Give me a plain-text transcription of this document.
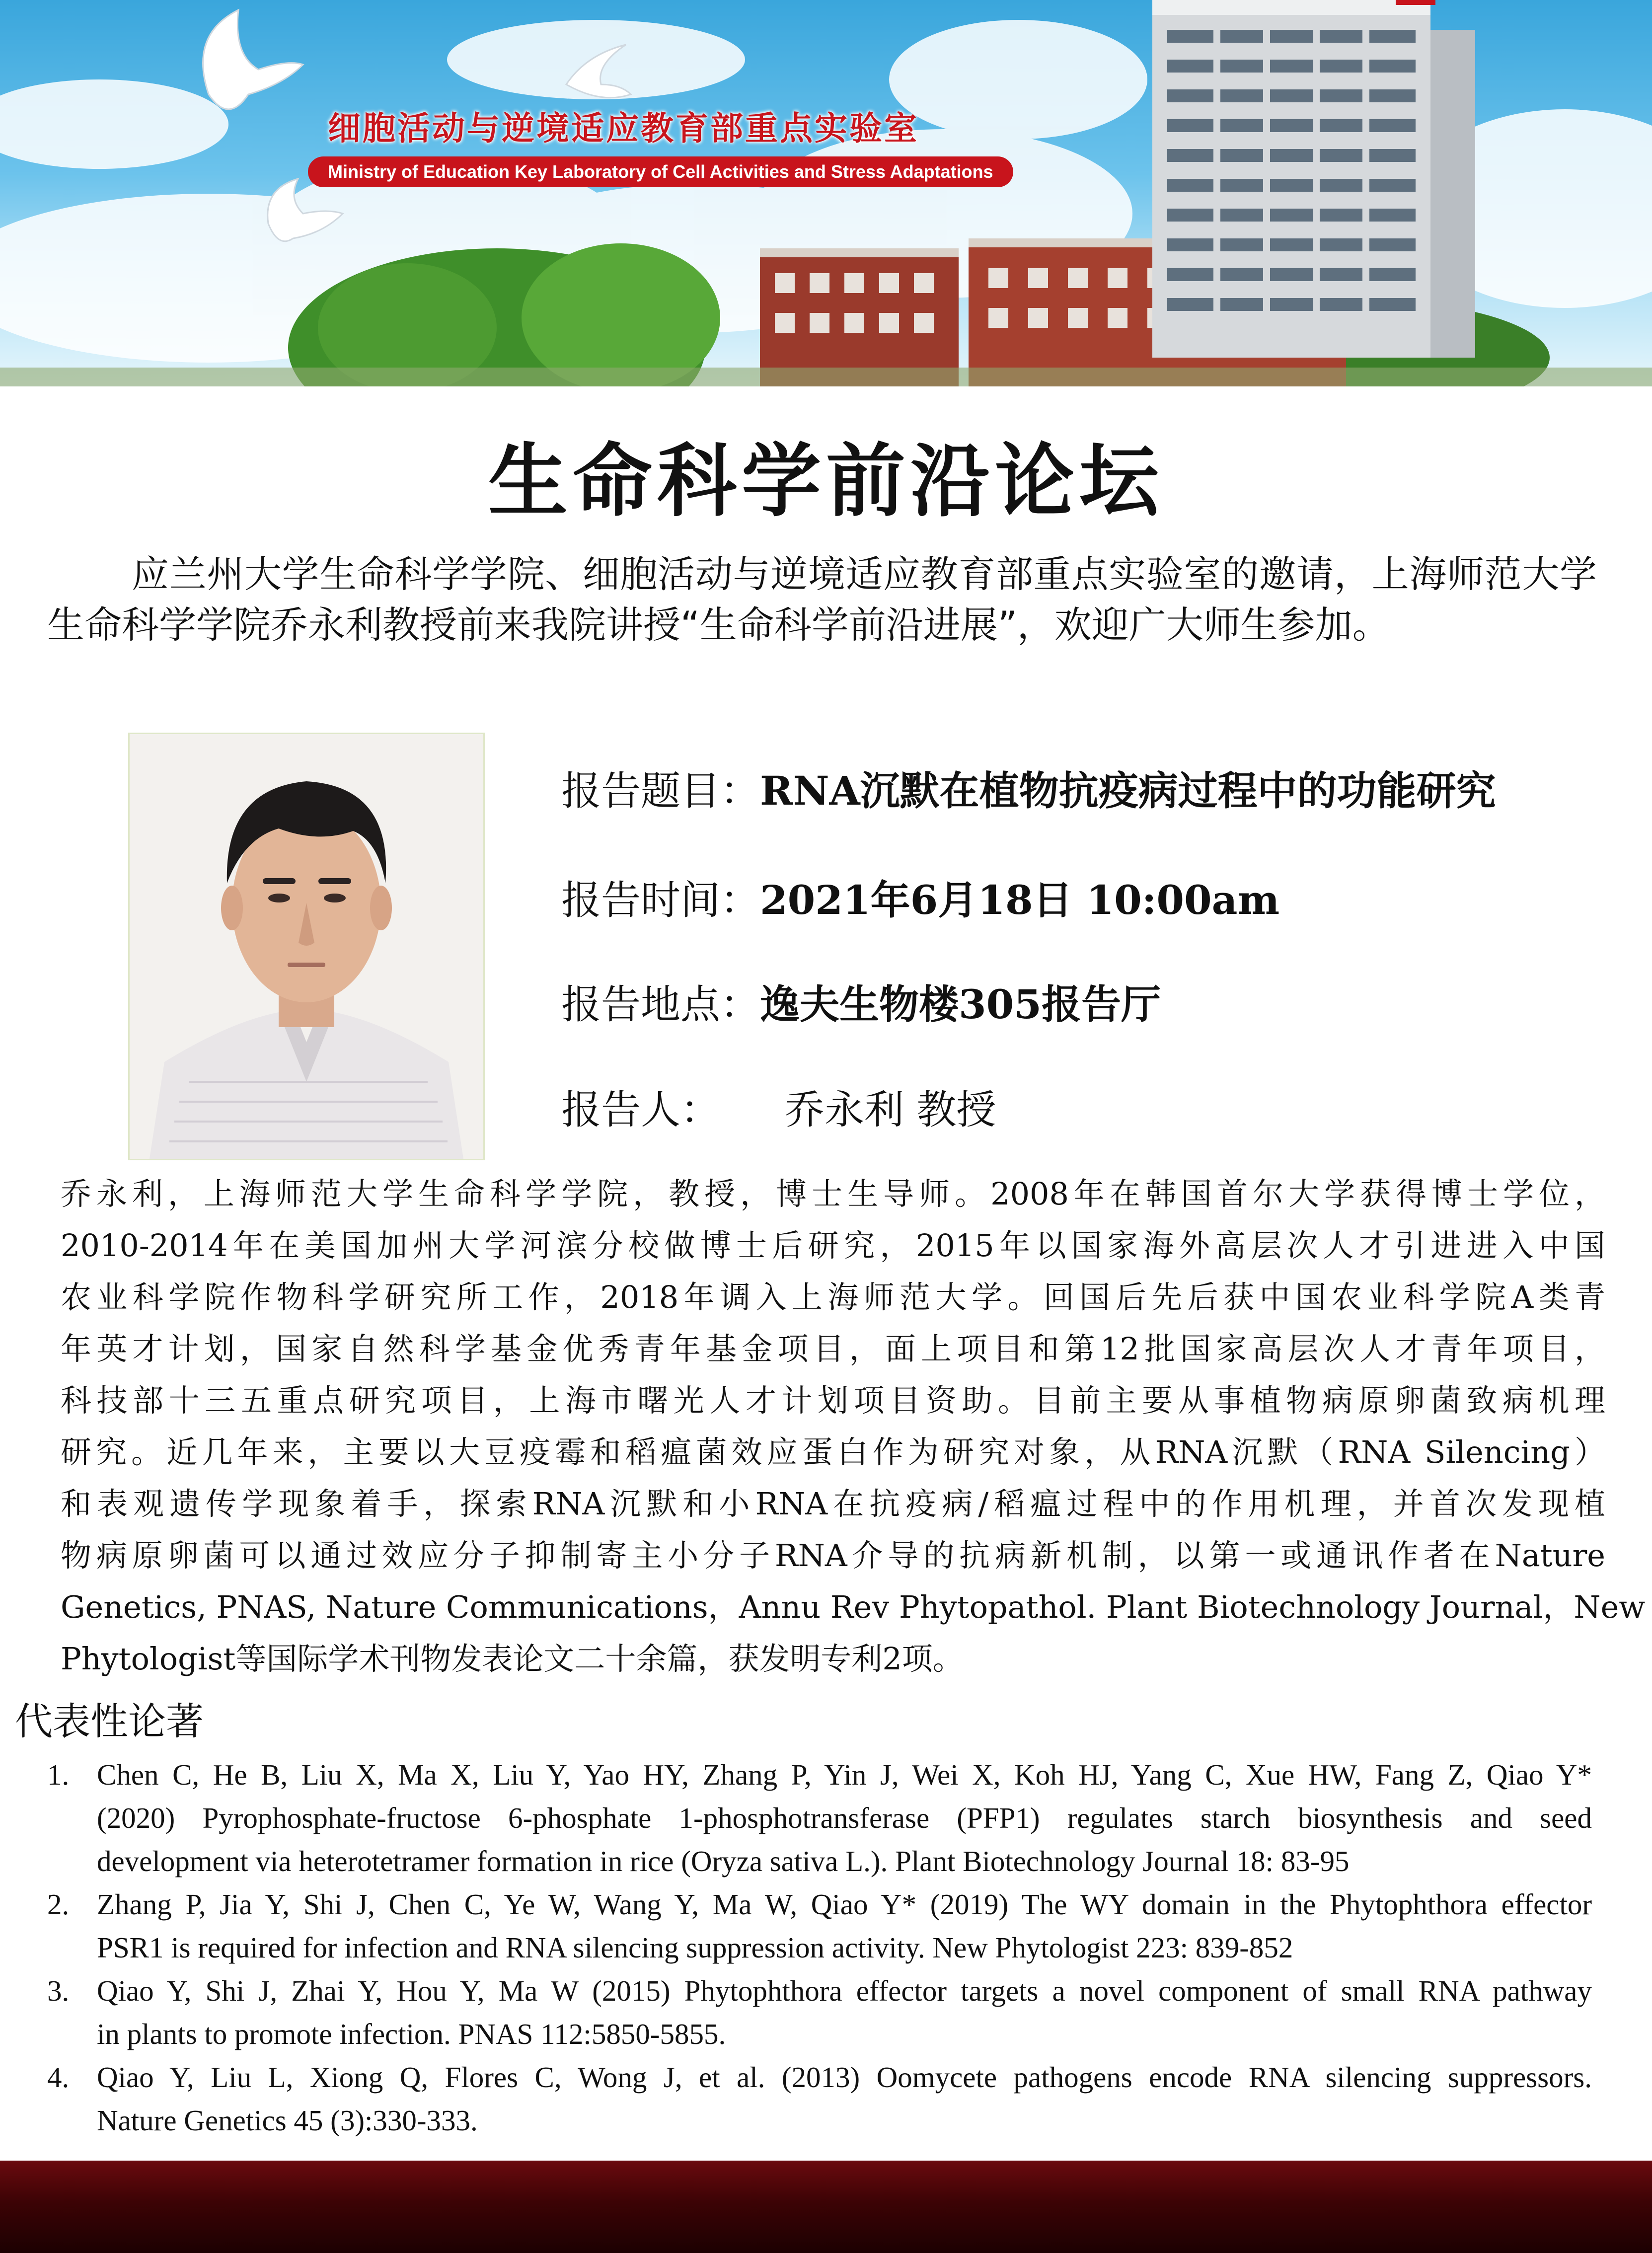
细胞活动与逆境适应教育部重点实验室
Ministry of Education Key Laboratory of Cell Activities and Stress Adaptations
生命科学前沿论坛
应兰州大学生命科学学院、细胞活动与逆境适应教育部重点实验室的邀请，上海师范大学生命科学学院乔永利教授前来我院讲授“生命科学前沿进展”，欢迎广大师生参加。
报告题目：RNA沉默在植物抗疫病过程中的功能研究
报告时间：2021年6月18日 10:00am
报告地点：逸夫生物楼305报告厅
报告人： 乔永利 教授
乔永利，上海师范大学生命科学学院，教授，博士生导师。2008年在韩国首尔大学获得博士学位，
2010-2014年在美国加州大学河滨分校做博士后研究，2015年以国家海外高层次人才引进进入中国
农业科学院作物科学研究所工作，2018年调入上海师范大学。回国后先后获中国农业科学院A类青
年英才计划，国家自然科学基金优秀青年基金项目，面上项目和第12批国家高层次人才青年项目，
科技部十三五重点研究项目，上海市曙光人才计划项目资助。目前主要从事植物病原卵菌致病机理
研究。近几年来，主要以大豆疫霉和稻瘟菌效应蛋白作为研究对象，从RNA沉默（RNA Silencing）
和表观遗传学现象着手，探索RNA沉默和小RNA在抗疫病/稻瘟过程中的作用机理，并首次发现植
物病原卵菌可以通过效应分子抑制寄主小分子RNA介导的抗病新机制，以第一或通讯作者在Nature
Genetics, PNAS, Nature Communications，Annu Rev Phytopathol. Plant Biotechnology Journal，New
Phytologist等国际学术刊物发表论文二十余篇，获发明专利2项。
代表性论著
1. Chen C, He B, Liu X, Ma X, Liu Y, Yao HY, Zhang P, Yin J, Wei X, Koh HJ, Yang C, Xue HW, Fang Z, Qiao Y*
(2020) Pyrophosphate-fructose 6-phosphate 1-phosphotransferase (PFP1) regulates starch biosynthesis and seed
development via heterotetramer formation in rice (Oryza sativa L.). Plant Biotechnology Journal 18: 83-95
2. Zhang P, Jia Y, Shi J, Chen C, Ye W, Wang Y, Ma W, Qiao Y* (2019) The WY domain in the Phytophthora effector
PSR1 is required for infection and RNA silencing suppression activity. New Phytologist 223: 839-852
3. Qiao Y, Shi J, Zhai Y, Hou Y, Ma W (2015) Phytophthora effector targets a novel component of small RNA pathway
in plants to promote infection. PNAS 112:5850-5855.
4. Qiao Y, Liu L, Xiong Q, Flores C, Wong J, et al. (2013) Oomycete pathogens encode RNA silencing suppressors.
Nature Genetics 45 (3):330-333.
